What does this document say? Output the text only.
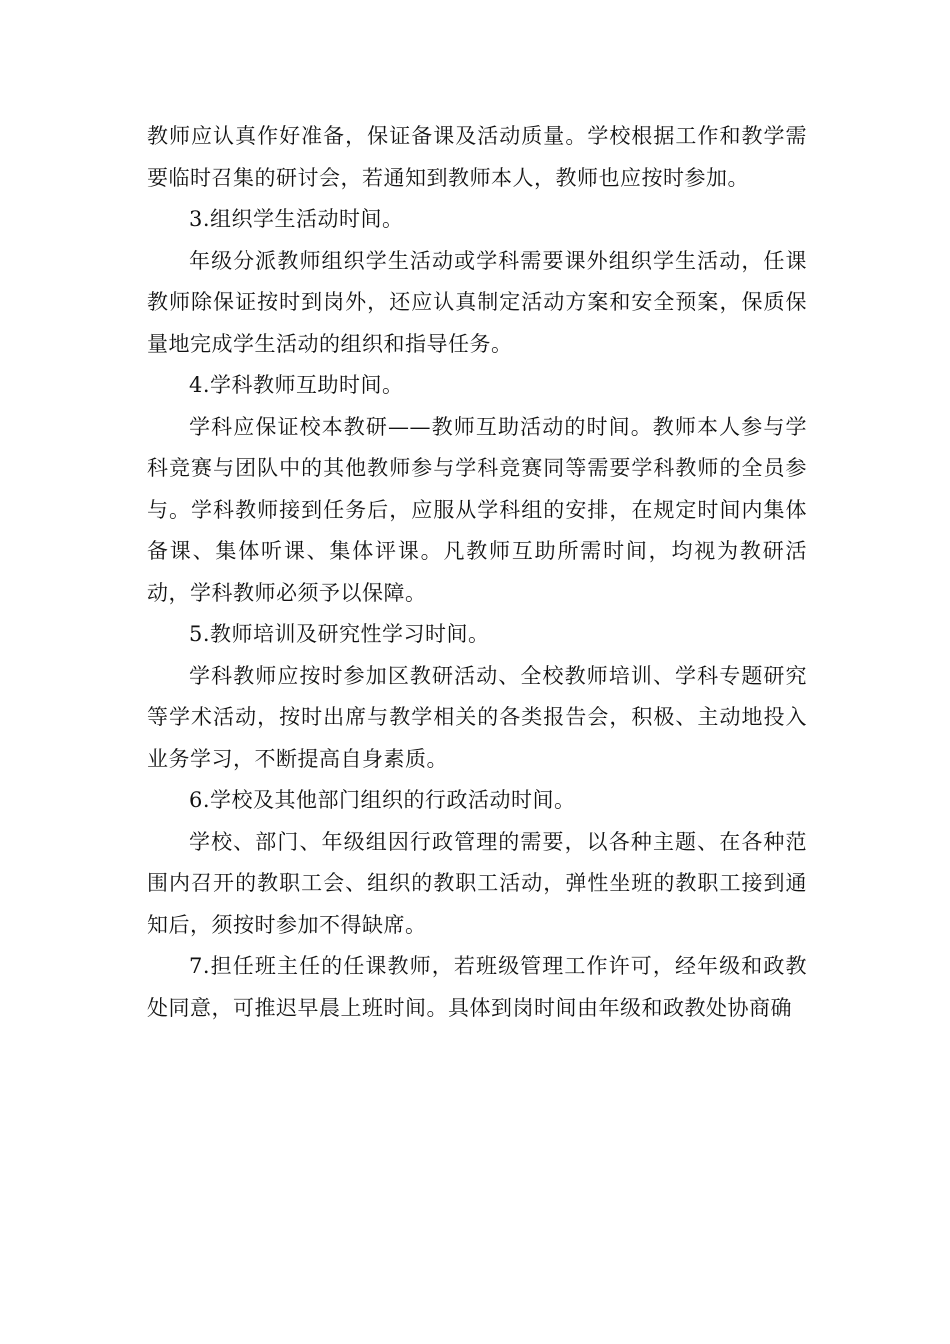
教师应认真作好准备，保证备课及活动质量。学校根据工作和教学需要临时召集的研讨会，若通知到教师本人，教师也应按时参加。

3.组织学生活动时间。

年级分派教师组织学生活动或学科需要课外组织学生活动，任课教师除保证按时到岗外，还应认真制定活动方案和安全预案，保质保量地完成学生活动的组织和指导任务。

4.学科教师互助时间。

学科应保证校本教研——教师互助活动的时间。教师本人参与学科竞赛与团队中的其他教师参与学科竞赛同等需要学科教师的全员参与。学科教师接到任务后，应服从学科组的安排，在规定时间内集体备课、集体听课、集体评课。凡教师互助所需时间，均视为教研活动，学科教师必须予以保障。

5.教师培训及研究性学习时间。

学科教师应按时参加区教研活动、全校教师培训、学科专题研究等学术活动，按时出席与教学相关的各类报告会，积极、主动地投入业务学习，不断提高自身素质。

6.学校及其他部门组织的行政活动时间。

学校、部门、年级组因行政管理的需要，以各种主题、在各种范围内召开的教职工会、组织的教职工活动，弹性坐班的教职工接到通知后，须按时参加不得缺席。

7.担任班主任的任课教师，若班级管理工作许可，经年级和政教处同意，可推迟早晨上班时间。具体到岗时间由年级和政教处协商确
